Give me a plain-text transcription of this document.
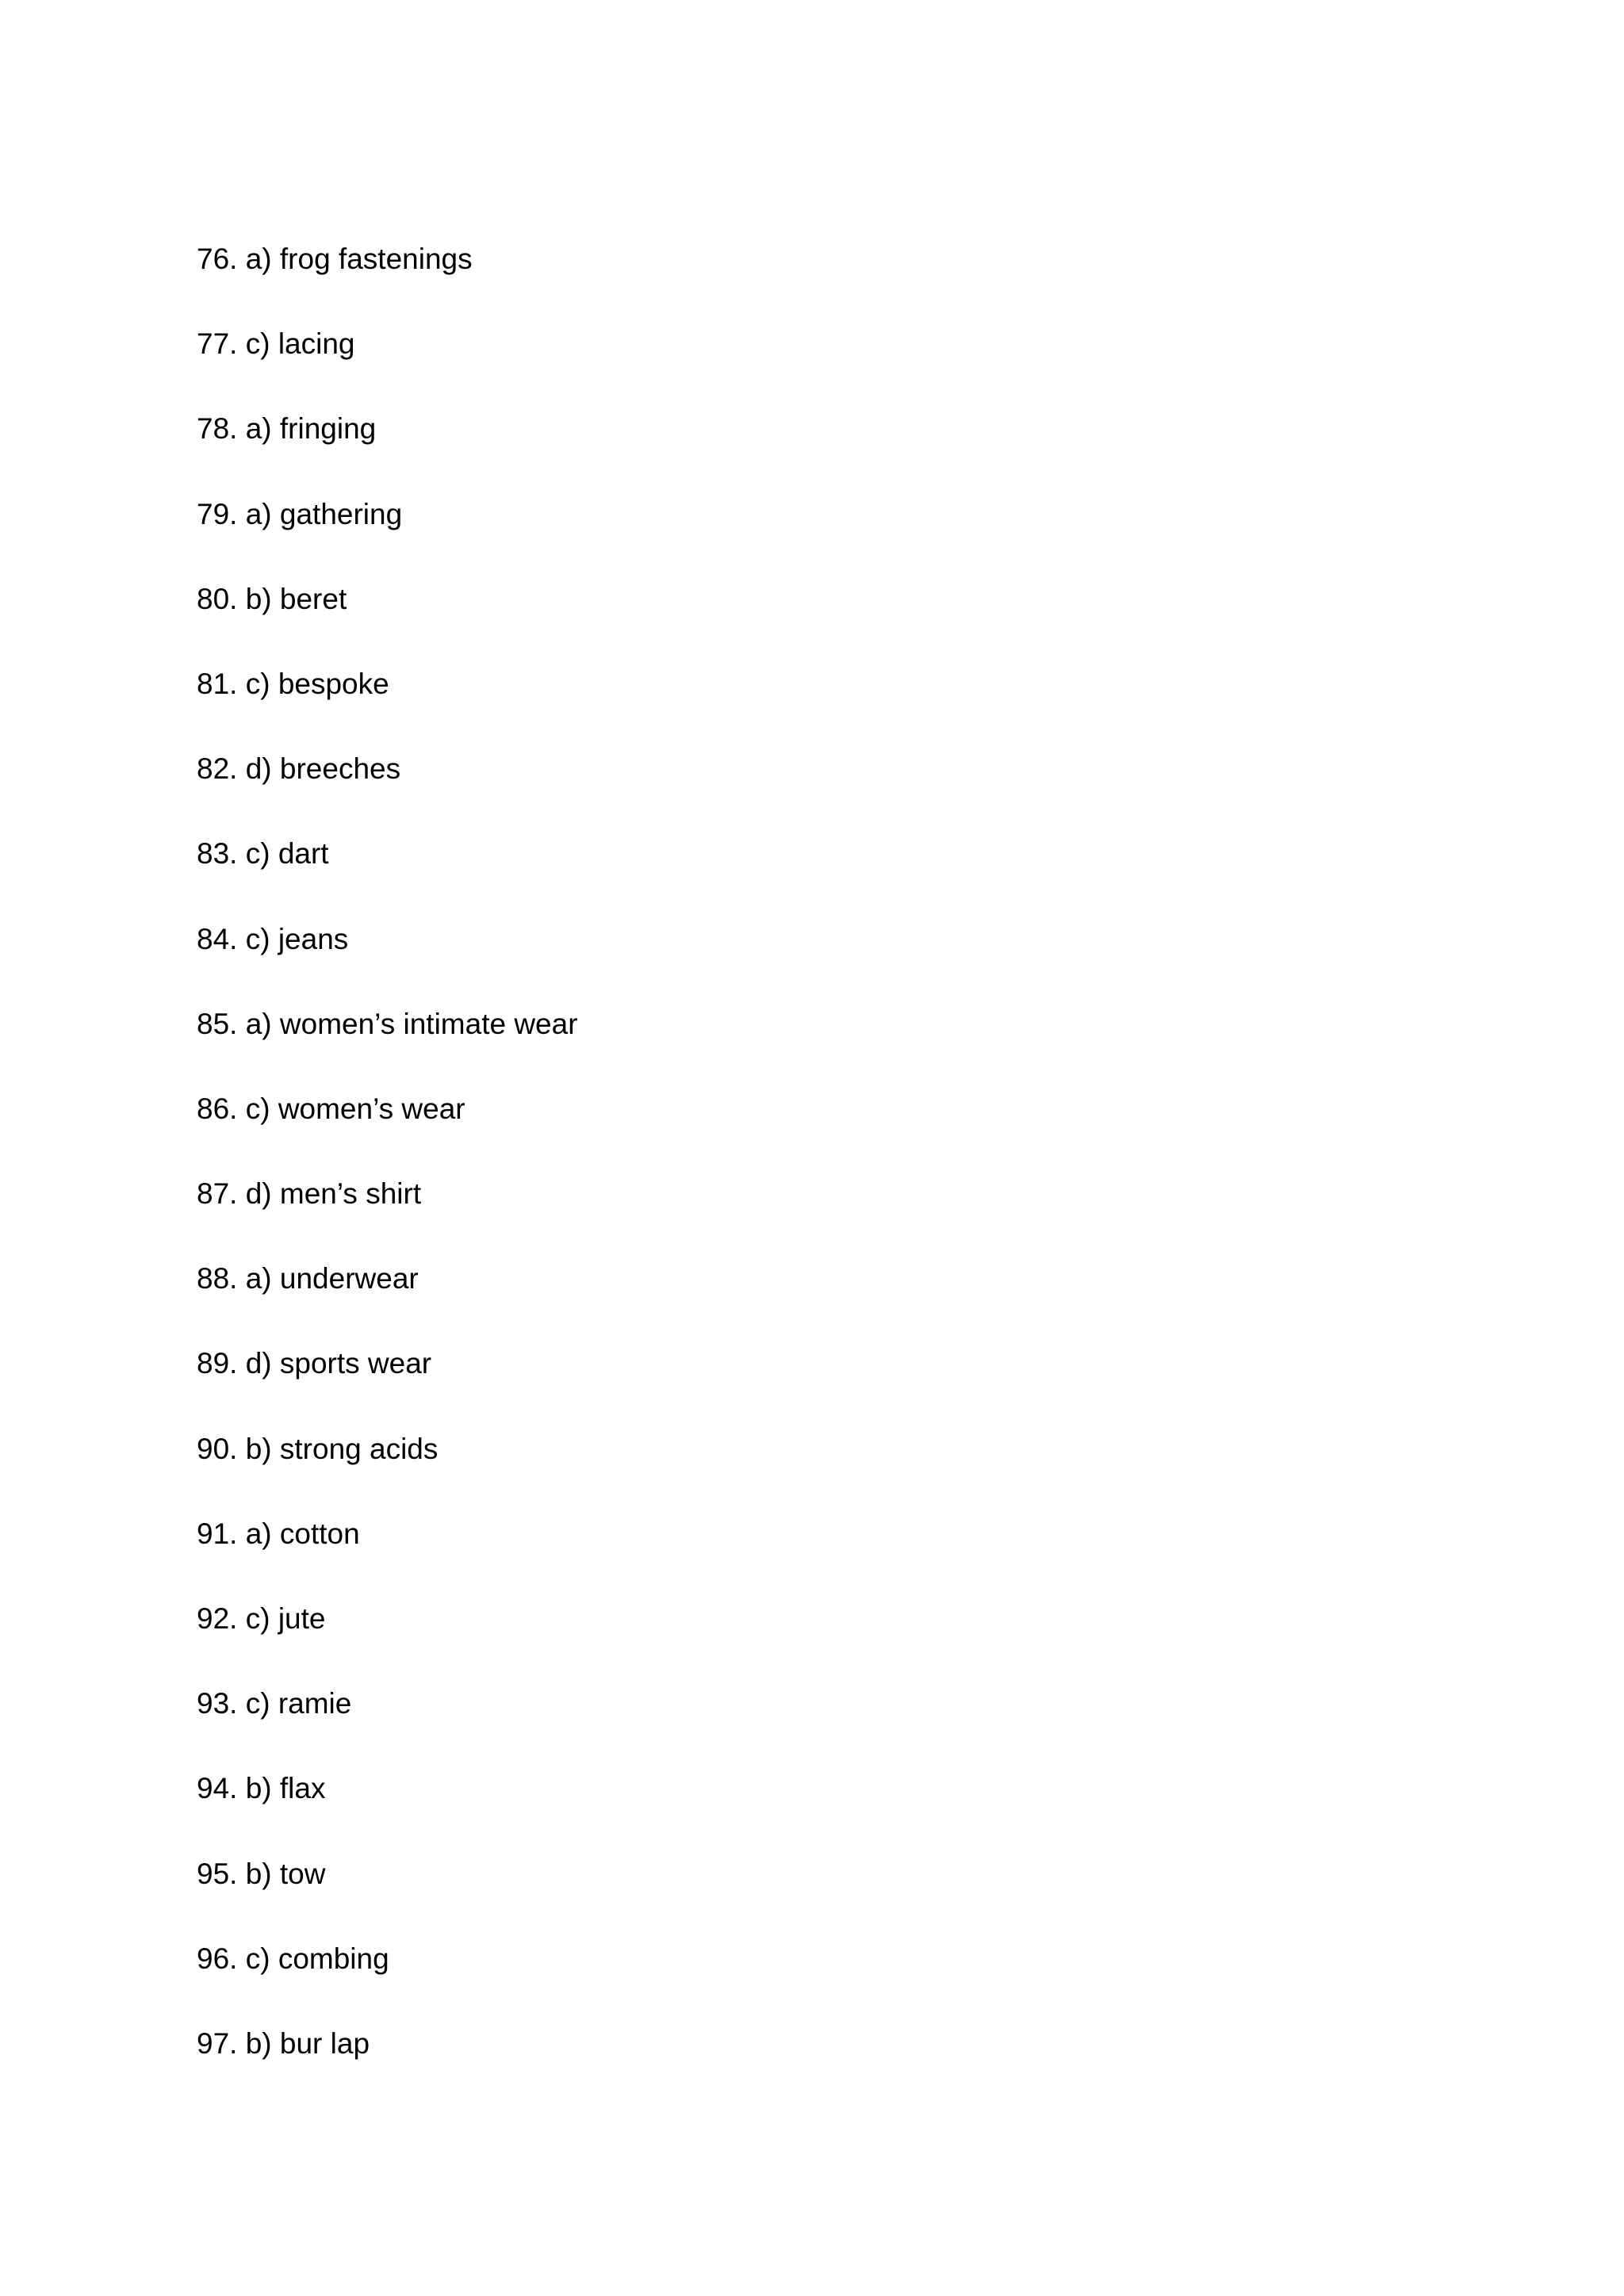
76. a) frog fastenings
77. c) lacing
78. a) fringing
79. a) gathering
80. b) beret
81. c) bespoke
82. d) breeches
83. c) dart
84. c) jeans
85. a) women’s intimate wear
86. c) women’s wear
87. d) men’s shirt
88. a) underwear
89. d) sports wear
90. b) strong acids
91. a) cotton
92. c) jute
93. c) ramie
94. b) flax
95. b) tow
96. c) combing
97. b) bur lap
